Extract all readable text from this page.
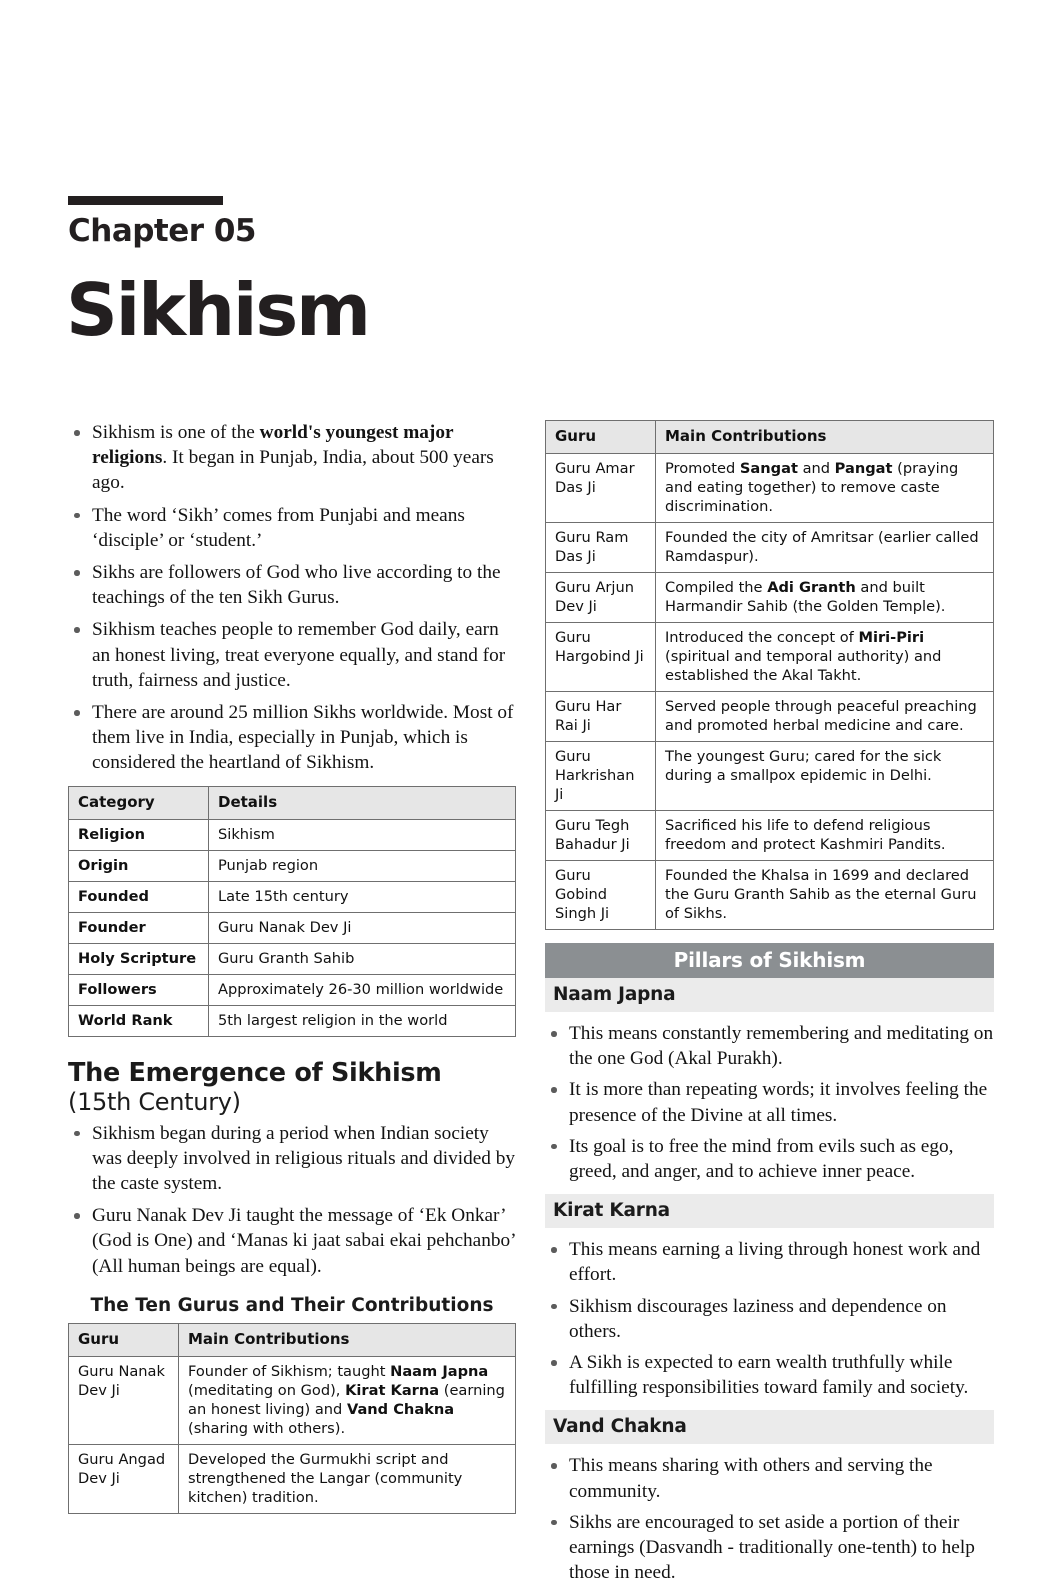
Chapter 05
Sikhism
Sikhism is one of the world's youngest major religions. It began in Punjab, India, about 500 years ago.
The word ‘Sikh’ comes from Punjabi and means ‘disciple’ or ‘student.’
Sikhs are followers of God who live according to the teachings of the ten Sikh Gurus.
Sikhism teaches people to remember God daily, earn an honest living, treat everyone equally, and stand for truth, fairness and justice.
There are around 25 million Sikhs worldwide. Most of them live in India, especially in Punjab, which is considered the heartland of Sikhism.
Category	Details
Religion	Sikhism
Origin	Punjab region
Founded	Late 15th century
Founder	Guru Nanak Dev Ji
Holy Scripture	Guru Granth Sahib
Followers	Approximately 26-30 million worldwide
World Rank	5th largest religion in the world
The Emergence of Sikhism
(15th Century)
Sikhism began during a period when Indian society was deeply involved in religious rituals and divided by the caste system.
Guru Nanak Dev Ji taught the message of ‘Ek Onkar’ (God is One) and ‘Manas ki jaat sabai ekai pehchanbo’ (All human beings are equal).
The Ten Gurus and Their Contributions
Guru	Main Contributions
Guru Nanak Dev Ji	Founder of Sikhism; taught Naam Japna (meditating on God), Kirat Karna (earning an honest living) and Vand Chakna (sharing with others).
Guru Angad Dev Ji	Developed the Gurmukhi script and strengthened the Langar (community kitchen) tradition.
Guru	Main Contributions
Guru Amar Das Ji	Promoted Sangat and Pangat (praying and eating together) to remove caste discrimination.
Guru Ram Das Ji	Founded the city of Amritsar (earlier called Ramdaspur).
Guru Arjun Dev Ji	Compiled the Adi Granth and built Harmandir Sahib (the Golden Temple).
Guru Hargobind Ji	Introduced the concept of Miri-Piri (spiritual and temporal authority) and established the Akal Takht.
Guru Har Rai Ji	Served people through peaceful preaching and promoted herbal medicine and care.
Guru Harkrishan Ji	The youngest Guru; cared for the sick during a smallpox epidemic in Delhi.
Guru Tegh Bahadur Ji	Sacrificed his life to defend religious freedom and protect Kashmiri Pandits.
Guru Gobind Singh Ji	Founded the Khalsa in 1699 and declared the Guru Granth Sahib as the eternal Guru of Sikhs.
Pillars of Sikhism
Naam Japna
This means constantly remembering and meditating on the one God (Akal Purakh).
It is more than repeating words; it involves feeling the presence of the Divine at all times.
Its goal is to free the mind from evils such as ego, greed, and anger, and to achieve inner peace.
Kirat Karna
This means earning a living through honest work and effort.
Sikhism discourages laziness and dependence on others.
A Sikh is expected to earn wealth truthfully while fulfilling responsibilities toward family and society.
Vand Chakna
This means sharing with others and serving the community.
Sikhs are encouraged to set aside a portion of their earnings (Dasvandh - traditionally one-tenth) to help those in need.
